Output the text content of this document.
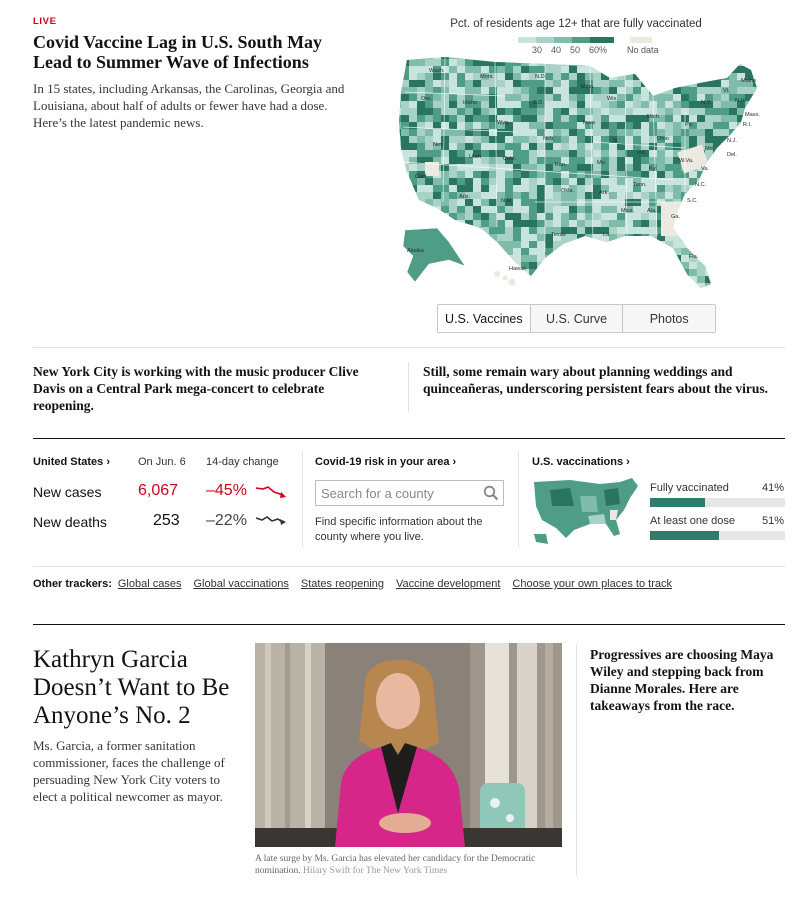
LIVE
Covid Vaccine Lag in U.S. South May Lead to Summer Wave of Infections

In 15 states, including Arkansas, the Carolinas, Georgia and Louisiana, about half of adults or fewer have had a dose. Here’s the latest pandemic news.

Pct. of residents age 12+ that are fully vaccinated
30 40 50 60% No data
Wash.
Mont.	N.D.
Minn.
Wis.
Mich.
Vt.
Maine
N.H.
Ore.
Idaho	S.D.	N.Y.
Mass.
R.I.
Wyo.	Iowa	Pa.
N.J.
Neb.	Ill.	Ohio
Del.
Nev.
Utah	Colo.
Ind.
Md.
Calif.
Kan.	Mo.
Ky.
W.Va.
Va.
Tenn.	N.C.
Okla.	Ark.
S.C.
Ariz.
N.M.
Miss. Ala.
Ga.
Texas	La.
Fla.
Alaska
Hawaii
U.S. Vaccines	U.S. Curve	Photos

New York City is working with the music producer Clive Davis on a Central Park mega-concert to celebrate reopening.

Still, some remain wary about planning weddings and quinceañeras, underscoring persistent fears about the virus.

United States ›	On Jun. 6 14-day change
New cases 6,067 –45%
New deaths	253 –22%
Covid-19 risk in your area ›
Search for a county
Find specific information about the county where you live.
U.S. vaccinations ›
Fully vaccinated	41%
At least one dose 51%
Other trackers: Global cases Global vaccinations States reopening Vaccine development Choose your own places to track
Kathryn Garcia Doesn’t Want to Be Anyone’s No. 2

Ms. Garcia, a former sanitation commissioner, faces the challenge of persuading New York City voters to elect a political newcomer as mayor.

A late surge by Ms. Garcia has elevated her candidacy for the Democratic nomination. Hilary Swift for The New York Times

Progressives are choosing Maya Wiley and stepping back from Dianne Morales. Here are takeaways from the race.
